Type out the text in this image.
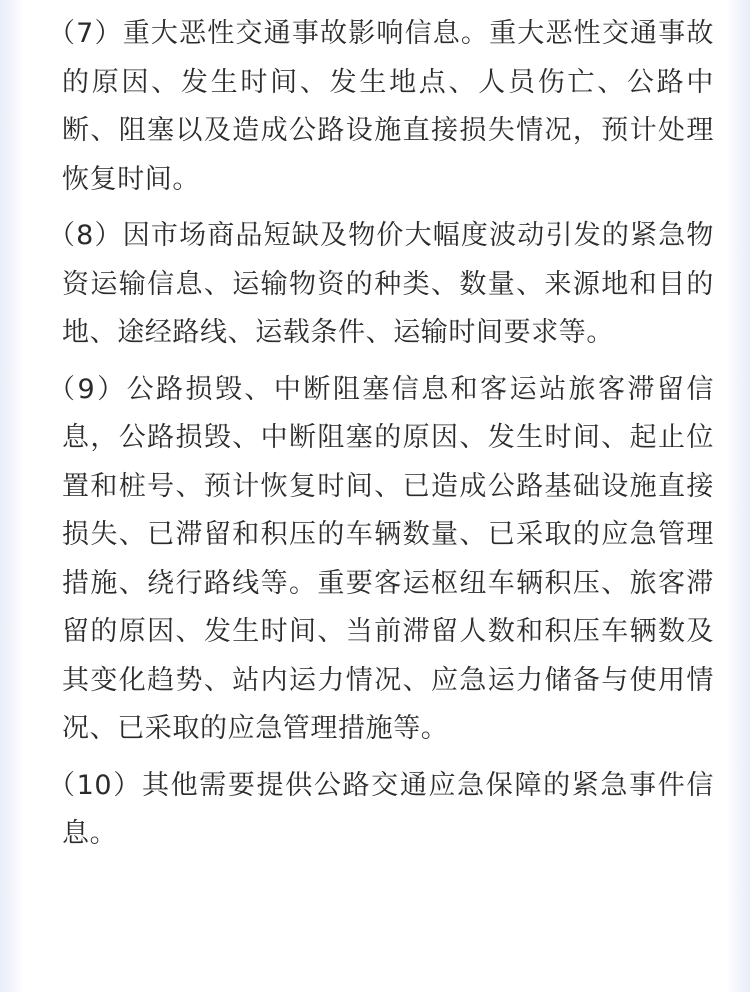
（7）重大恶性交通事故影响信息。重大恶性交通事故的原因、发生时间、发生地点、人员伤亡、公路中断、阻塞以及造成公路设施直接损失情况，预计处理恢复时间。

（8）因市场商品短缺及物价大幅度波动引发的紧急物资运输信息、运输物资的种类、数量、来源地和目的地、途经路线、运载条件、运输时间要求等。

（9）公路损毁、中断阻塞信息和客运站旅客滞留信息，公路损毁、中断阻塞的原因、发生时间、起止位置和桩号、预计恢复时间、已造成公路基础设施直接损失、已滞留和积压的车辆数量、已采取的应急管理措施、绕行路线等。重要客运枢纽车辆积压、旅客滞留的原因、发生时间、当前滞留人数和积压车辆数及其变化趋势、站内运力情况、应急运力储备与使用情况、已采取的应急管理措施等。

（10）其他需要提供公路交通应急保障的紧急事件信息。
